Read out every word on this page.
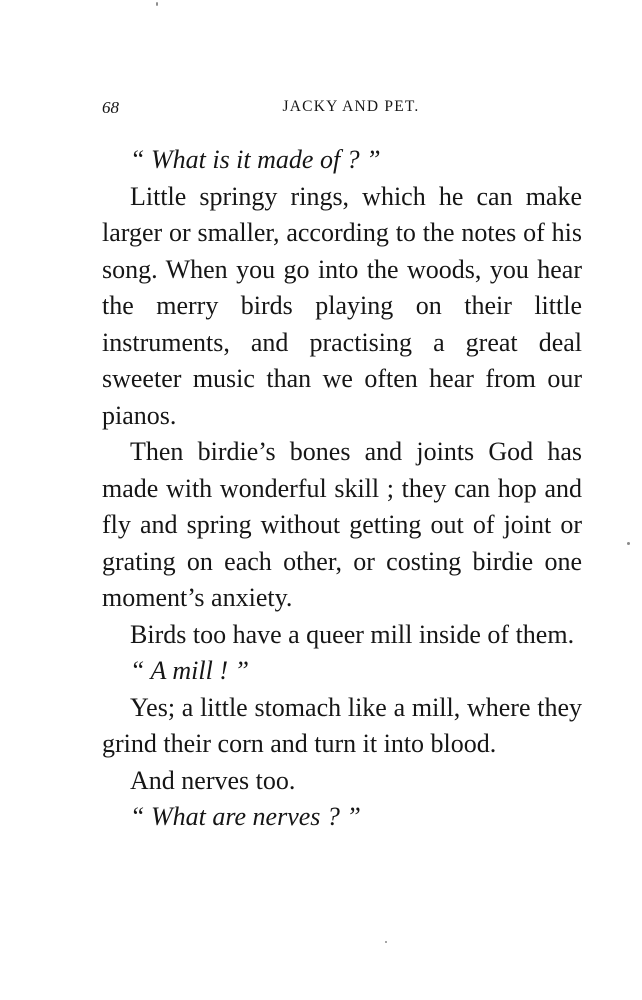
68	JACKY AND PET.

“ What is it made of ? ”

Little springy rings, which he can make larger or smaller, according to the notes of his song. When you go into the woods, you hear the merry birds playing on their little instruments, and practising a great deal sweeter music than we often hear from our pianos.

Then birdie’s bones and joints God has made with wonderful skill ; they can hop and fly and spring without getting out of joint or grating on each other, or costing birdie one moment’s anxiety.

Birds too have a queer mill inside of them.

“ A mill ! ”

Yes; a little stomach like a mill, where they grind their corn and turn it into blood.

And nerves too.

“ What are nerves ? ”
